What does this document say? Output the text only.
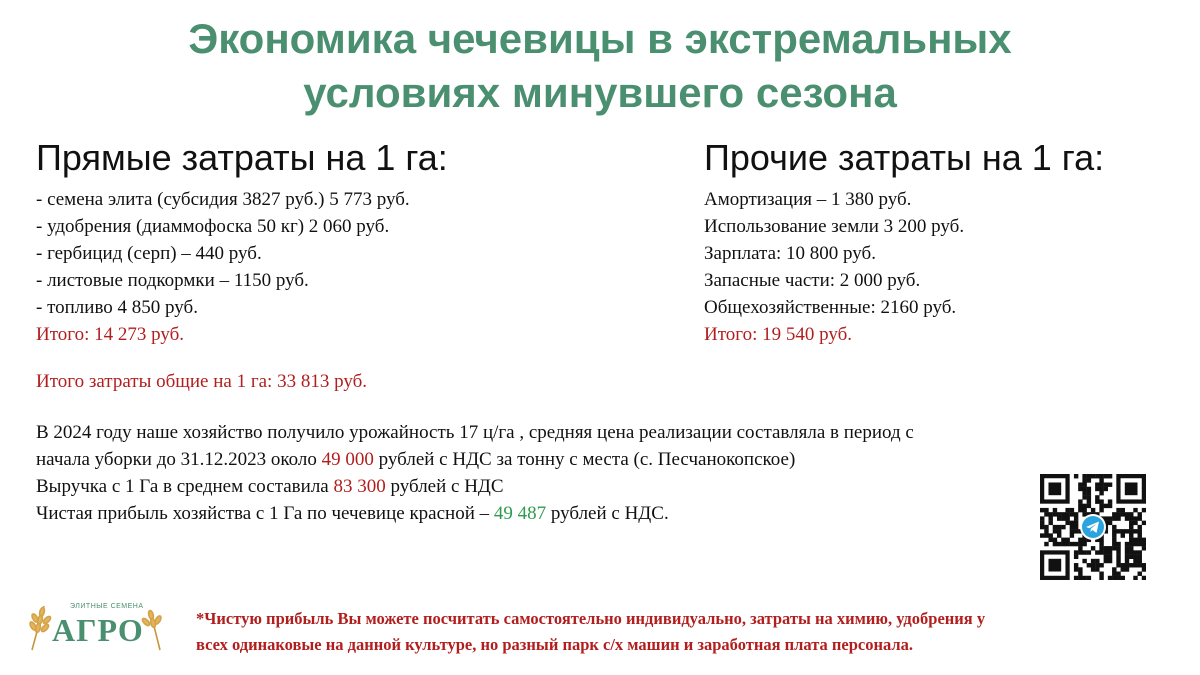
Экономика чечевицы в экстремальных
условиях минувшего сезона
Прямые затраты на 1 га:
- семена элита (субсидия 3827 руб.) 5 773 руб.
- удобрения (диаммофоска 50 кг) 2 060 руб.
- гербицид (серп) – 440 руб.
- листовые подкормки – 1150 руб.
- топливо 4 850 руб.
Итого: 14 273 руб.
Прочие затраты на 1 га:
Амортизация – 1 380 руб.
Использование земли 3 200 руб.
Зарплата: 10 800 руб.
Запасные части: 2 000 руб.
Общехозяйственные: 2160 руб.
Итого: 19 540 руб.
Итого затраты общие на 1 га: 33 813 руб.
В 2024 году наше хозяйство получило урожайность 17 ц/га , средняя цена реализации составляла в период с
начала уборки до 31.12.2023 около 49 000 рублей с НДС за тонну с места (с. Песчанокопское)
Выручка с 1 Га в среднем составила 83 300 рублей с НДС
Чистая прибыль хозяйства с 1 Га по чечевице красной – 49 487 рублей с НДС.
ЭЛИТНЫЕ СЕМЕНА
АГРО	*Чистую прибыль Вы можете посчитать самостоятельно индивидуально, затраты на химию, удобрения у
всех одинаковые на данной культуре, но разный парк с/х машин и заработная плата персонала.
